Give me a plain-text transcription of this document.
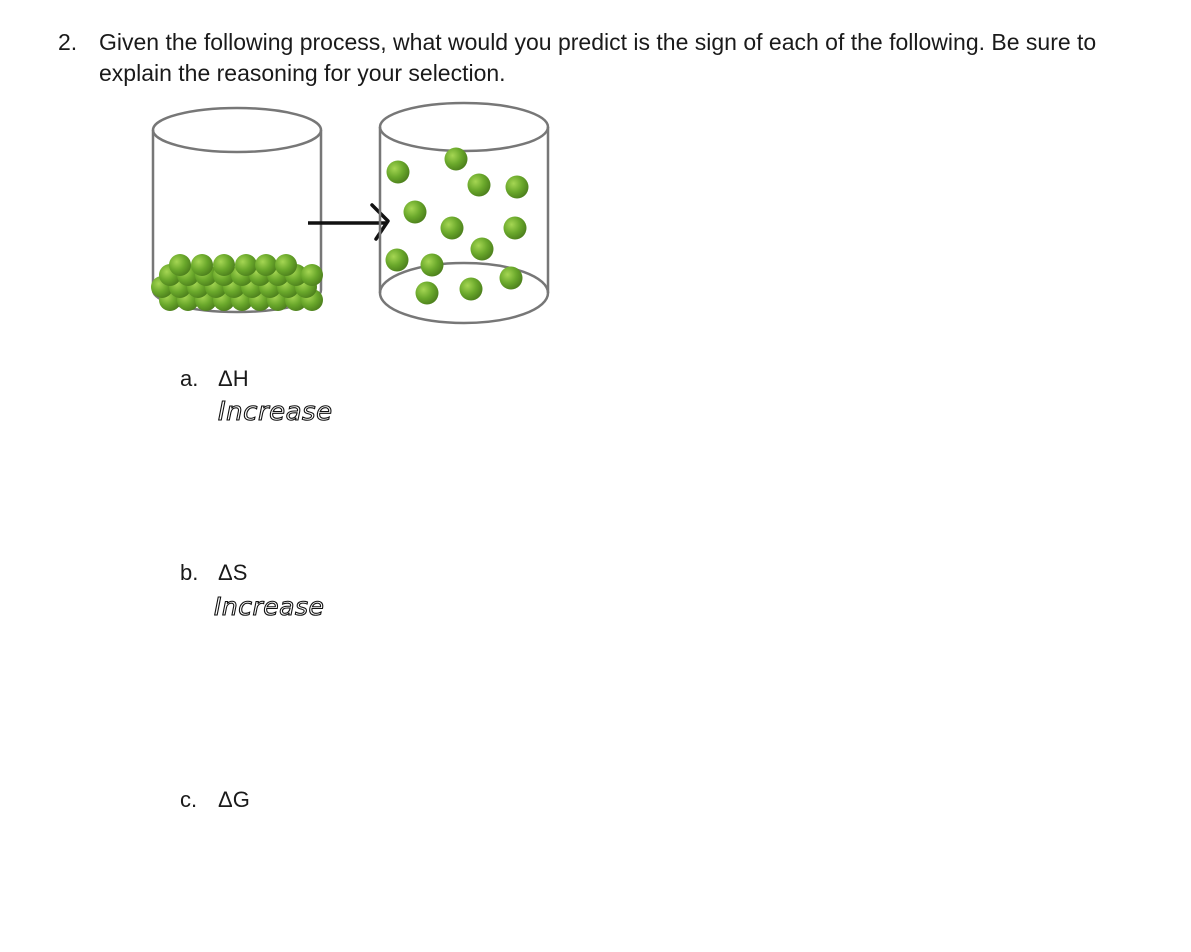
2. Given the following process, what would you predict is the sign of each of the following. Be sure to explain the reasoning for your selection.
a. ΔH
Increase
b. ΔS
Increase
c. ΔG
